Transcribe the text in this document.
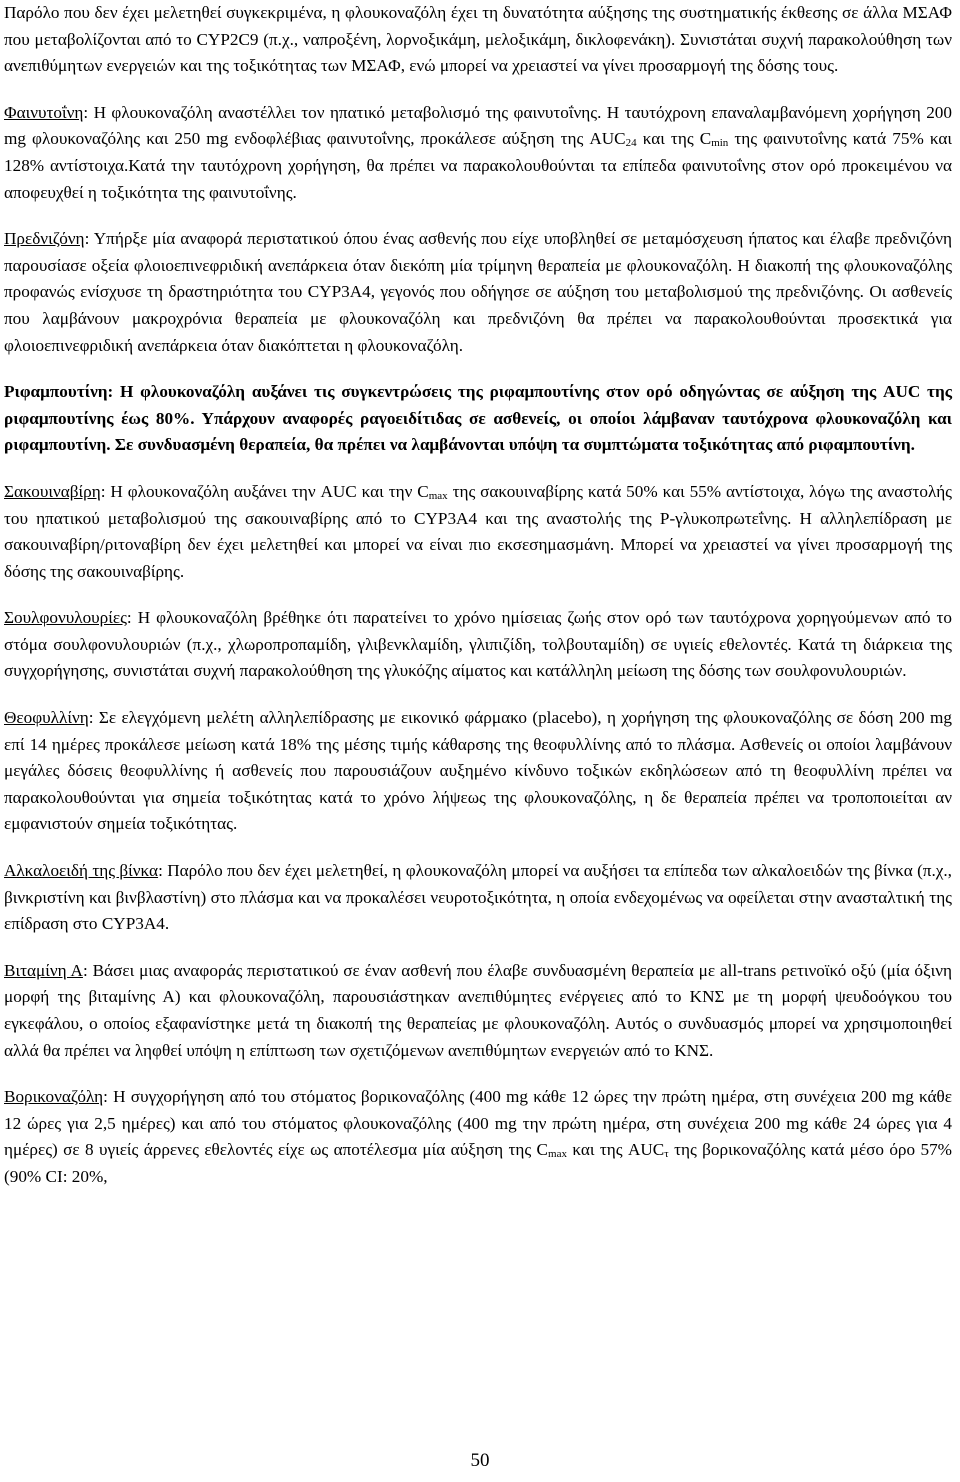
Παρόλο που δεν έχει μελετηθεί συγκεκριμένα, η φλουκοναζόλη έχει τη δυνατότητα αύξησης της συστηματικής έκθεσης σε άλλα ΜΣΑΦ που μεταβολίζονται από το CYP2C9 (π.χ., ναπροξένη, λορνοξικάμη, μελοξικάμη, δικλοφενάκη). Συνιστάται συχνή παρακολούθηση των ανεπιθύμητων ενεργειών και της τοξικότητας των ΜΣΑΦ, ενώ μπορεί να χρειαστεί να γίνει προσαρμογή της δόσης τους.

Φαινυτοΐνη: Η φλουκοναζόλη αναστέλλει τον ηπατικό μεταβολισμό της φαινυτοΐνης. Η ταυτόχρονη επαναλαμβανόμενη χορήγηση 200 mg φλουκοναζόλης και 250 mg ενδοφλέβιας φαινυτοΐνης, προκάλεσε αύξηση της $AUC_{24}$ και της $C_{min}$ της φαινυτοΐνης κατά 75% και 128% αντίστοιχα.Κατά την ταυτόχρονη χορήγηση, θα πρέπει να παρακολουθούνται τα επίπεδα φαινυτοΐνης στον ορό προκειμένου να αποφευχθεί η τοξικότητα της φαινυτοΐνης.

Πρεδνιζόνη: Υπήρξε μία αναφορά περιστατικού όπου ένας ασθενής που είχε υποβληθεί σε μεταμόσχευση ήπατος και έλαβε πρεδνιζόνη παρουσίασε οξεία φλοιοεπινεφριδική ανεπάρκεια όταν διεκόπη μία τρίμηνη θεραπεία με φλουκοναζόλη. Η διακοπή της φλουκοναζόλης προφανώς ενίσχυσε τη δραστηριότητα του CYP3A4, γεγονός που οδήγησε σε αύξηση του μεταβολισμού της πρεδνιζόνης. Οι ασθενείς που λαμβάνουν μακροχρόνια θεραπεία με φλουκοναζόλη και πρεδνιζόνη θα πρέπει να παρακολουθούνται προσεκτικά για φλοιοεπινεφριδική ανεπάρκεια όταν διακόπτεται η φλουκοναζόλη.

Ριφαμπουτίνη: Η φλουκοναζόλη αυξάνει τις συγκεντρώσεις της ριφαμπουτίνης στον ορό οδηγώντας σε αύξηση της AUC της ριφαμπουτίνης έως 80%. Υπάρχουν αναφορές ραγοειδίτιδας σε ασθενείς, οι οποίοι λάμβαναν ταυτόχρονα φλουκοναζόλη και ριφαμπουτίνη. Σε συνδυασμένη θεραπεία, θα πρέπει να λαμβάνονται υπόψη τα συμπτώματα τοξικότητας από ριφαμπουτίνη.

Σακουιναβίρη: Η φλουκοναζόλη αυξάνει την AUC και την $C_{max}$ της σακουιναβίρης κατά 50% και 55% αντίστοιχα, λόγω της αναστολής του ηπατικού μεταβολισμού της σακουιναβίρης από το CYP3A4 και της αναστολής της P-γλυκοπρωτεΐνης. Η αλληλεπίδραση με σακουιναβίρη/ριτοναβίρη δεν έχει μελετηθεί και μπορεί να είναι πιο εκσεσημασμάνη. Μπορεί να χρειαστεί να γίνει προσαρμογή της δόσης της σακουιναβίρης.

Σουλφονυλουρίες: Η φλουκοναζόλη βρέθηκε ότι παρατείνει το χρόνο ημίσειας ζωής στον ορό των ταυτόχρονα χορηγούμενων από το στόμα σουλφονυλουριών (π.χ., χλωροπροπαμίδη, γλιβενκλαμίδη, γλιπιζίδη, τολβουταμίδη) σε υγιείς εθελοντές. Κατά τη διάρκεια της συγχορήγησης, συνιστάται συχνή παρακολούθηση της γλυκόζης αίματος και κατάλληλη μείωση της δόσης των σουλφονυλουριών.

Θεοφυλλίνη: Σε ελεγχόμενη μελέτη αλληλεπίδρασης με εικονικό φάρμακο (placebo), η χορήγηση της φλουκοναζόλης σε δόση 200 mg επί 14 ημέρες προκάλεσε μείωση κατά 18% της μέσης τιμής κάθαρσης της θεοφυλλίνης από το πλάσμα. Ασθενείς οι οποίοι λαμβάνουν μεγάλες δόσεις θεοφυλλίνης ή ασθενείς που παρουσιάζουν αυξημένο κίνδυνο τοξικών εκδηλώσεων από τη θεοφυλλίνη πρέπει να παρακολουθούνται για σημεία τοξικότητας κατά το χρόνο λήψεως της φλουκοναζόλης, η δε θεραπεία πρέπει να τροποποιείται αν εμφανιστούν σημεία τοξικότητας.

Αλκαλοειδή της βίνκα: Παρόλο που δεν έχει μελετηθεί, η φλουκοναζόλη μπορεί να αυξήσει τα επίπεδα των αλκαλοειδών της βίνκα (π.χ., βινκριστίνη και βινβλαστίνη) στο πλάσμα και να προκαλέσει νευροτοξικότητα, η οποία ενδεχομένως να οφείλεται στην ανασταλτική της επίδραση στο CYP3A4.

Βιταμίνη Α: Βάσει μιας αναφοράς περιστατικού σε έναν ασθενή που έλαβε συνδυασμένη θεραπεία με all-trans ρετινοϊκό οξύ (μία όξινη μορφή της βιταμίνης Α) και φλουκοναζόλη, παρουσιάστηκαν ανεπιθύμητες ενέργειες από το ΚΝΣ με τη μορφή ψευδοόγκου του εγκεφάλου, ο οποίος εξαφανίστηκε μετά τη διακοπή της θεραπείας με φλουκοναζόλη. Αυτός ο συνδυασμός μπορεί να χρησιμοποιηθεί αλλά θα πρέπει να ληφθεί υπόψη η επίπτωση των σχετιζόμενων ανεπιθύμητων ενεργειών από το ΚΝΣ.

Βορικοναζόλη: Η συγχορήγηση από του στόματος βορικοναζόλης (400 mg κάθε 12 ώρες την πρώτη ημέρα, στη συνέχεια 200 mg κάθε 12 ώρες για 2,5 ημέρες) και από του στόματος φλουκοναζόλης (400 mg την πρώτη ημέρα, στη συνέχεια 200 mg κάθε 24 ώρες για 4 ημέρες) σε 8 υγιείς άρρενες εθελοντές είχε ως αποτέλεσμα μία αύξηση της $C_{max}$ και της $AUC_\tau$ της βορικοναζόλης κατά μέσο όρο 57% (90% CI: 20%,

50
